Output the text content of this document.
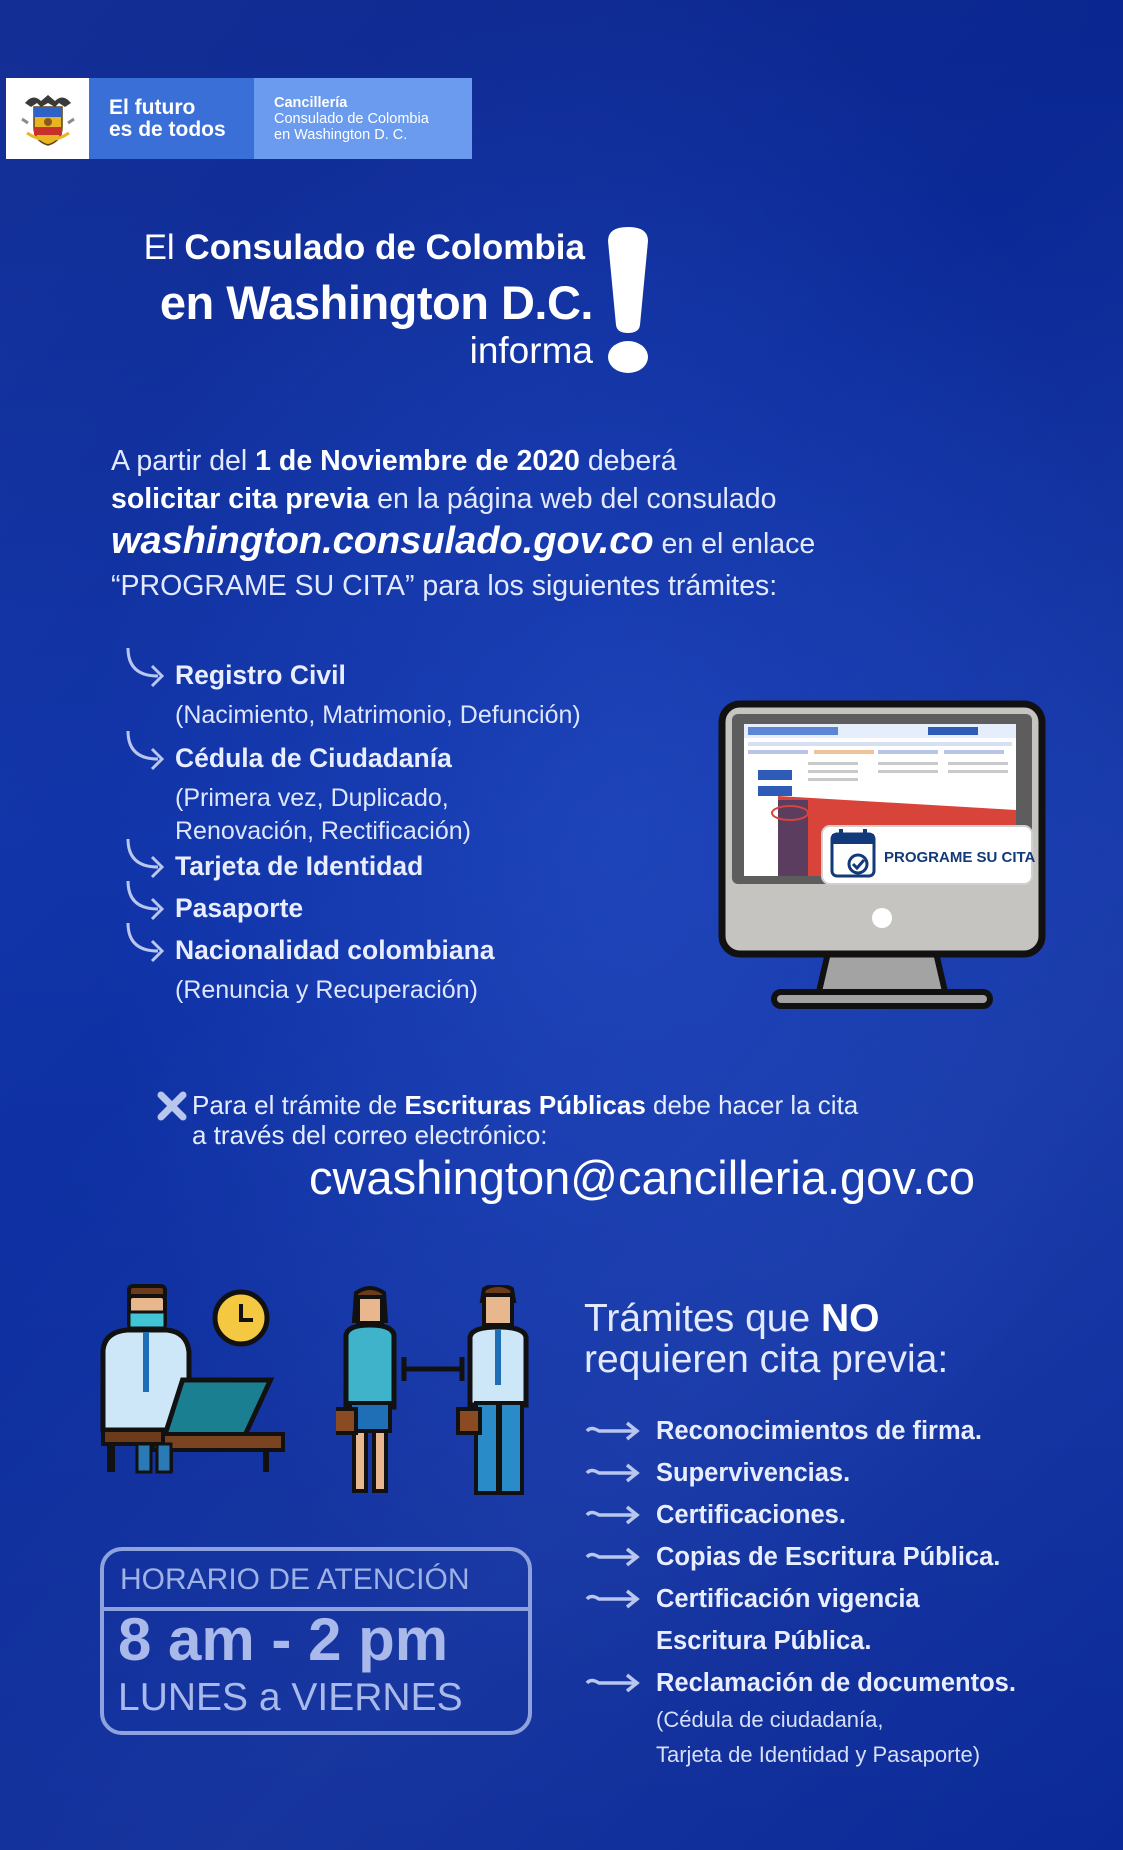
El futuro
es de todos
Cancillería
Consulado de Colombia
en Washington D. C.
El Consulado de Colombia
en Washington D.C.
informa
A partir del 1 de Noviembre de 2020 deberá
solicitar cita previa en la página web del consulado
washington.consulado.gov.co en el enlace
“PROGRAME SU CITA” para los siguientes trámites:
Registro Civil
(Nacimiento, Matrimonio, Defunción)
Cédula de Ciudadanía
(Primera vez, Duplicado,
Renovación, Rectificación)
Tarjeta de Identidad
Pasaporte
Nacionalidad colombiana
(Renuncia y Recuperación)
PROGRAME SU CITA
Para el trámite de Escrituras Públicas debe hacer la cita
a través del correo electrónico:
cwashington@cancilleria.gov.co
HORARIO DE ATENCIÓN
8 am - 2 pm
LUNES a VIERNES
Trámites que NO
requieren cita previa:
Reconocimientos de firma.
Supervivencias.
Certificaciones.
Copias de Escritura Pública.
Certificación vigencia
Escritura Pública.
Reclamación de documentos.
(Cédula de ciudadanía,
Tarjeta de Identidad y Pasaporte)
